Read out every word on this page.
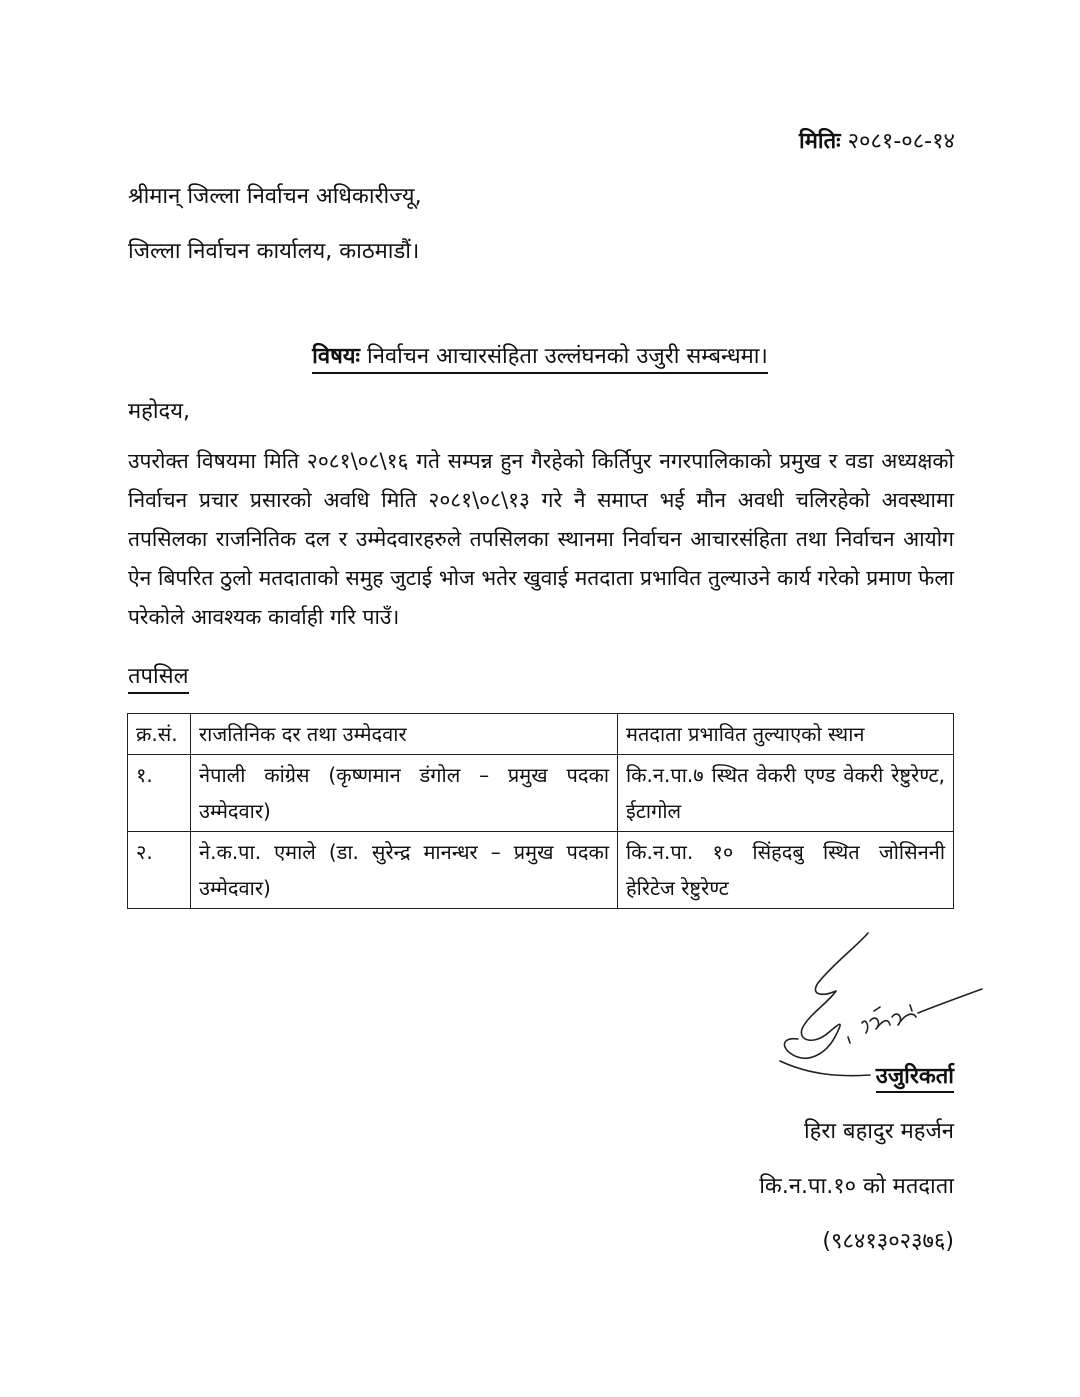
मितिः २०८१-०८-१४
श्रीमान् जिल्ला निर्वाचन अधिकारीज्यू,
जिल्ला निर्वाचन कार्यालय, काठमाडौं।
विषयः निर्वाचन आचारसंहिता उल्लंघनको उजुरी सम्बन्धमा।
महोदय,
उपरोक्त विषयमा मिति २०८१\०८\१६ गते सम्पन्न हुन गैरहेको किर्तिपुर नगरपालिकाको प्रमुख र वडा अध्यक्षको निर्वाचन प्रचार प्रसारको अवधि मिति २०८१\०८\१३ गरे नै समाप्त भई मौन अवधी चलिरहेको अवस्थामा तपसिलका राजनितिक दल र उम्मेदवारहरुले तपसिलका स्थानमा निर्वाचन आचारसंहिता तथा निर्वाचन आयोग ऐन बिपरित ठुलो मतदाताको समुह जुटाई भोज भतेर खुवाई मतदाता प्रभावित तुल्याउने कार्य गरेको प्रमाण फेला परेकोले आवश्यक कार्वाही गरि पाउँ।
तपसिल
क्र.सं.	राजतिनिक दर तथा उम्मेदवार	मतदाता प्रभावित तुल्याएको स्थान
१.	नेपाली कांग्रेस (कृष्णमान डंगोल – प्रमुख पदका उम्मेदवार)	कि.न.पा.७ स्थित वेकरी एण्ड वेकरी रेष्टुरेण्ट, ईटागोल
२.	ने.क.पा. एमाले (डा. सुरेन्द्र मानन्धर – प्रमुख पदका उम्मेदवार)	कि.न.पा. १० सिंहदबु स्थित जोसिननी हेरिटेज रेष्टुरेण्ट
उजुरिकर्ता
हिरा बहादुर महर्जन
कि.न.पा.१० को मतदाता
(९८४१३०२३७६)
